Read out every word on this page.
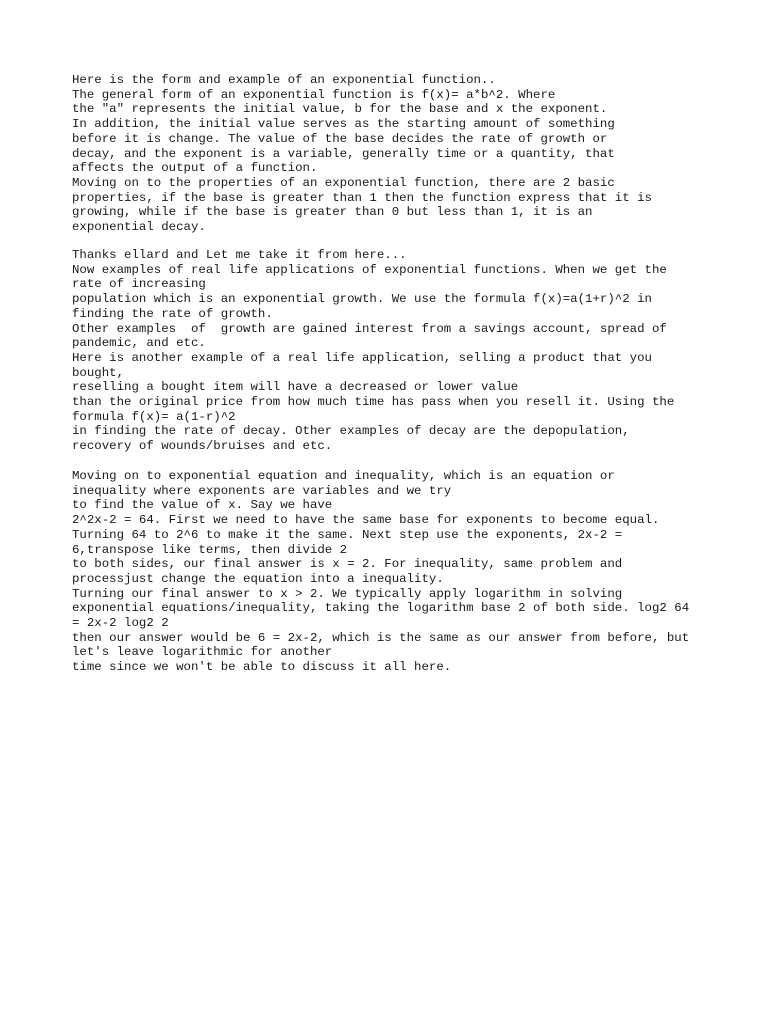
Here is the form and example of an exponential function..
The general form of an exponential function is f(x)= a*b^2. Where
the "a" represents the initial value, b for the base and x the exponent.
In addition, the initial value serves as the starting amount of something
before it is change. The value of the base decides the rate of growth or
decay, and the exponent is a variable, generally time or a quantity, that
affects the output of a function.
Moving on to the properties of an exponential function, there are 2 basic
properties, if the base is greater than 1 then the function express that it is
growing, while if the base is greater than 0 but less than 1, it is an
exponential decay.
Thanks ellard and Let me take it from here...
Now examples of real life applications of exponential functions. When we get the
rate of increasing
population which is an exponential growth. We use the formula f(x)=a(1+r)^2 in
finding the rate of growth.
Other examples  of  growth are gained interest from a savings account, spread of
pandemic, and etc.
Here is another example of a real life application, selling a product that you
bought,
reselling a bought item will have a decreased or lower value
than the original price from how much time has pass when you resell it. Using the
formula f(x)= a(1-r)^2
in finding the rate of decay. Other examples of decay are the depopulation,
recovery of wounds/bruises and etc.
Moving on to exponential equation and inequality, which is an equation or
inequality where exponents are variables and we try
to find the value of x. Say we have
2^2x-2 = 64. First we need to have the same base for exponents to become equal.
Turning 64 to 2^6 to make it the same. Next step use the exponents, 2x-2 =
6,transpose like terms, then divide 2
to both sides, our final answer is x = 2. For inequality, same problem and
processjust change the equation into a inequality.
Turning our final answer to x > 2. We typically apply logarithm in solving
exponential equations/inequality, taking the logarithm base 2 of both side. log2 64
= 2x-2 log2 2
then our answer would be 6 = 2x-2, which is the same as our answer from before, but
let's leave logarithmic for another
time since we won't be able to discuss it all here.
